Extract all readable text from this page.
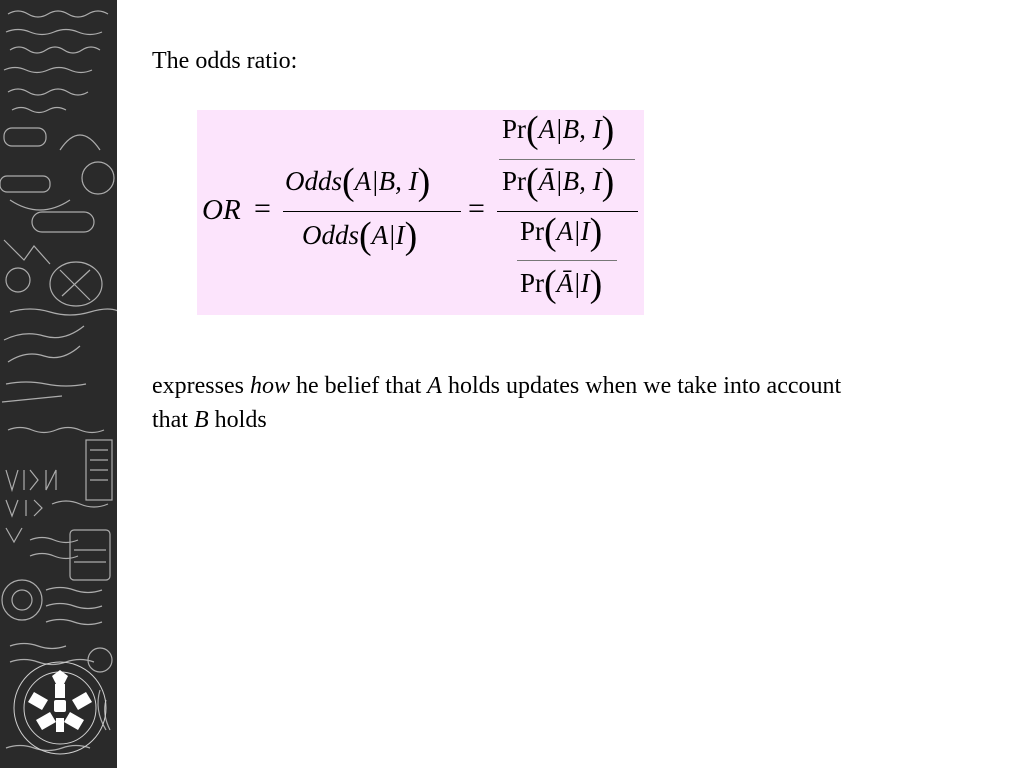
The odds ratio:
OR =
Odds(A|B, I)
Odds(A|I)
=
Pr(A|B, I)
Pr(Ā|B, I)
Pr(A|I)
Pr(Ā|I)
expresses how he belief that A holds updates when we take into account
that B holds
